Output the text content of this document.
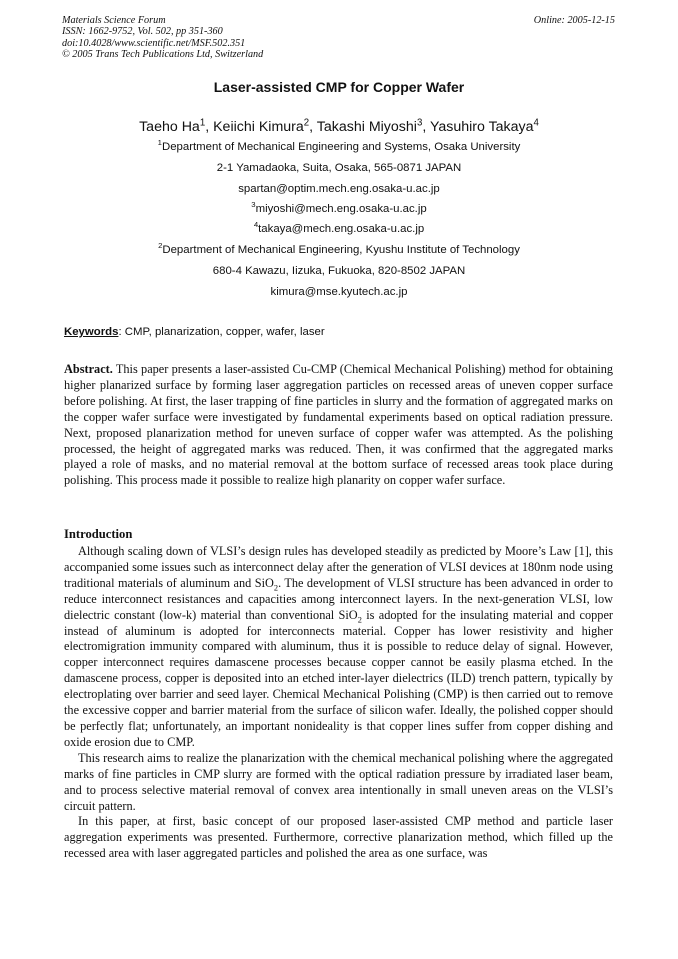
Materials Science Forum
ISSN: 1662-9752, Vol. 502, pp 351-360
doi:10.4028/www.scientific.net/MSF.502.351
© 2005 Trans Tech Publications Ltd, Switzerland
Online: 2005-12-15
Laser-assisted CMP for Copper Wafer
Taeho Ha$^1$, Keiichi Kimura$^2$, Takashi Miyoshi$^3$, Yasuhiro Takaya$^4$
$^1$Department of Mechanical Engineering and Systems, Osaka University
2-1 Yamadaoka, Suita, Osaka, 565-0871 JAPAN
spartan@optim.mech.eng.osaka-u.ac.jp
$^3$miyoshi@mech.eng.osaka-u.ac.jp
$^4$takaya@mech.eng.osaka-u.ac.jp
$^2$Department of Mechanical Engineering, Kyushu Institute of Technology
680-4 Kawazu, Iizuka, Fukuoka, 820-8502 JAPAN
kimura@mse.kyutech.ac.jp
Keywords: CMP, planarization, copper, wafer, laser
Abstract. This paper presents a laser-assisted Cu-CMP (Chemical Mechanical Polishing) method for obtaining higher planarized surface by forming laser aggregation particles on recessed areas of uneven copper surface before polishing. At first, the laser trapping of fine particles in slurry and the formation of aggregated marks on the copper wafer surface were investigated by fundamental experiments based on optical radiation pressure. Next, proposed planarization method for uneven surface of copper wafer was attempted. As the polishing processed, the height of aggregated marks was reduced. Then, it was confirmed that the aggregated marks played a role of masks, and no material removal at the bottom surface of recessed areas took place during polishing. This process made it possible to realize high planarity on copper wafer surface.
Introduction

Although scaling down of VLSI’s design rules has developed steadily as predicted by Moore’s Law [1], this accompanied some issues such as interconnect delay after the generation of VLSI devices at 180nm node using traditional materials of aluminum and SiO$_2$. The development of VLSI structure has been advanced in order to reduce interconnect resistances and capacities among interconnect layers. In the next-generation VLSI, low dielectric constant (low-k) material than conventional SiO$_2$ is adopted for the insulating material and copper instead of aluminum is adopted for interconnects material. Copper has lower resistivity and higher electromigration immunity compared with aluminum, thus it is possible to reduce delay of signal. However, copper interconnect requires damascene processes because copper cannot be easily plasma etched. In the damascene process, copper is deposited into an etched inter-layer dielectrics (ILD) trench pattern, typically by electroplating over barrier and seed layer. Chemical Mechanical Polishing (CMP) is then carried out to remove the excessive copper and barrier material from the surface of silicon wafer. Ideally, the polished copper should be perfectly flat; unfortunately, an important nonideality is that copper lines suffer from copper dishing and oxide erosion due to CMP.

This research aims to realize the planarization with the chemical mechanical polishing where the aggregated marks of fine particles in CMP slurry are formed with the optical radiation pressure by irradiated laser beam, and to process selective material removal of convex area intentionally in small uneven areas on the VLSI’s circuit pattern.

In this paper, at first, basic concept of our proposed laser-assisted CMP method and particle laser aggregation experiments was presented. Furthermore, corrective planarization method, which filled up the recessed area with laser aggregated particles and polished the area as one surface, was
